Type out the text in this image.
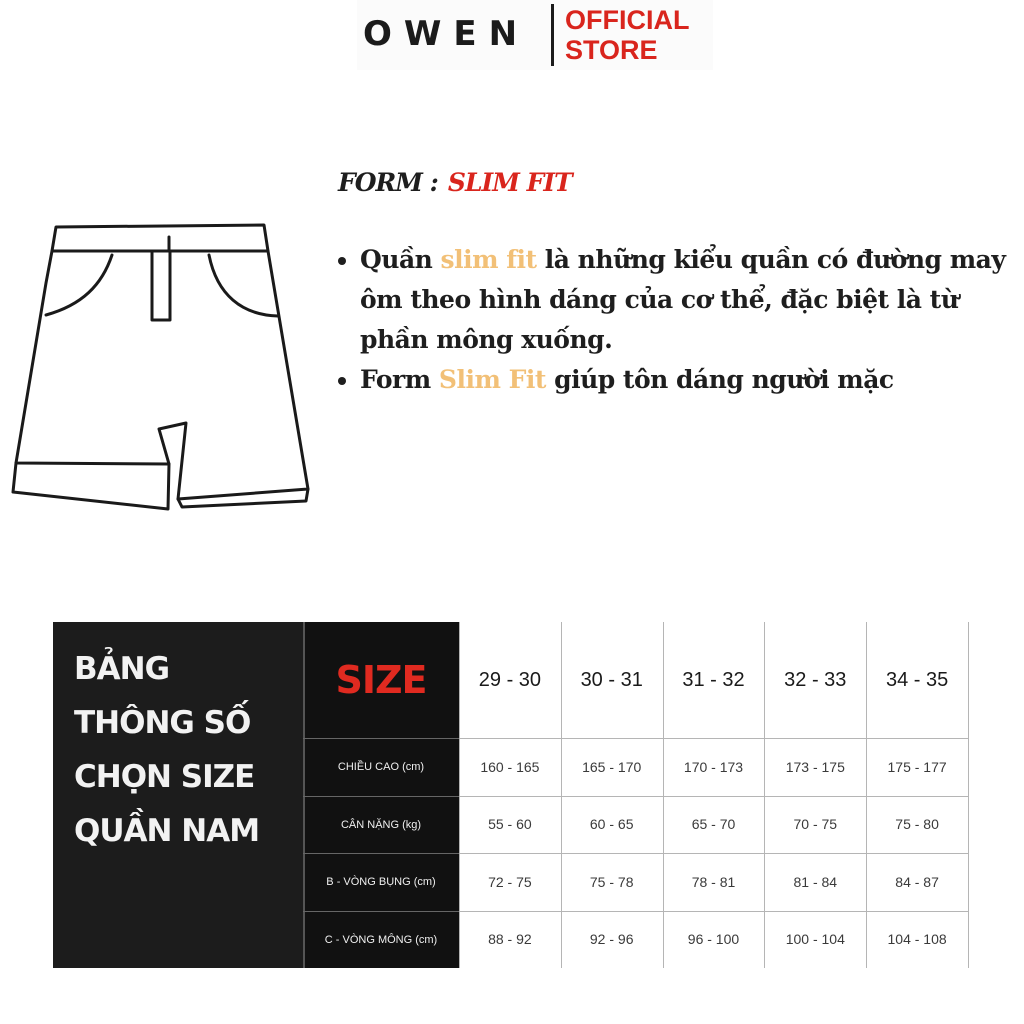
OWEN OFFICIAL
STORE
FORM : SLIM FIT
• Quần slim fit là những kiểu quần có đường may ôm theo hình dáng của cơ thể, đặc biệt là từ phần mông xuống.
• Form Slim Fit giúp tôn dáng người mặc
BẢNG
THÔNG SỐ
CHỌN SIZE
QUẦN NAM
SIZE	29 - 30	30 - 31	31 - 32	32 - 33	34 - 35
CHIỀU CAO (cm)	160 - 165	165 - 170	170 - 173	173 - 175	175 - 177
CÂN NẶNG (kg)	55 - 60	60 - 65	65 - 70	70 - 75	75 - 80
B - VÒNG BỤNG (cm)	72 - 75	75 - 78	78 - 81	81 - 84	84 - 87
C - VÒNG MÔNG (cm)	88 - 92	92 - 96	96 - 100	100 - 104	104 - 108
